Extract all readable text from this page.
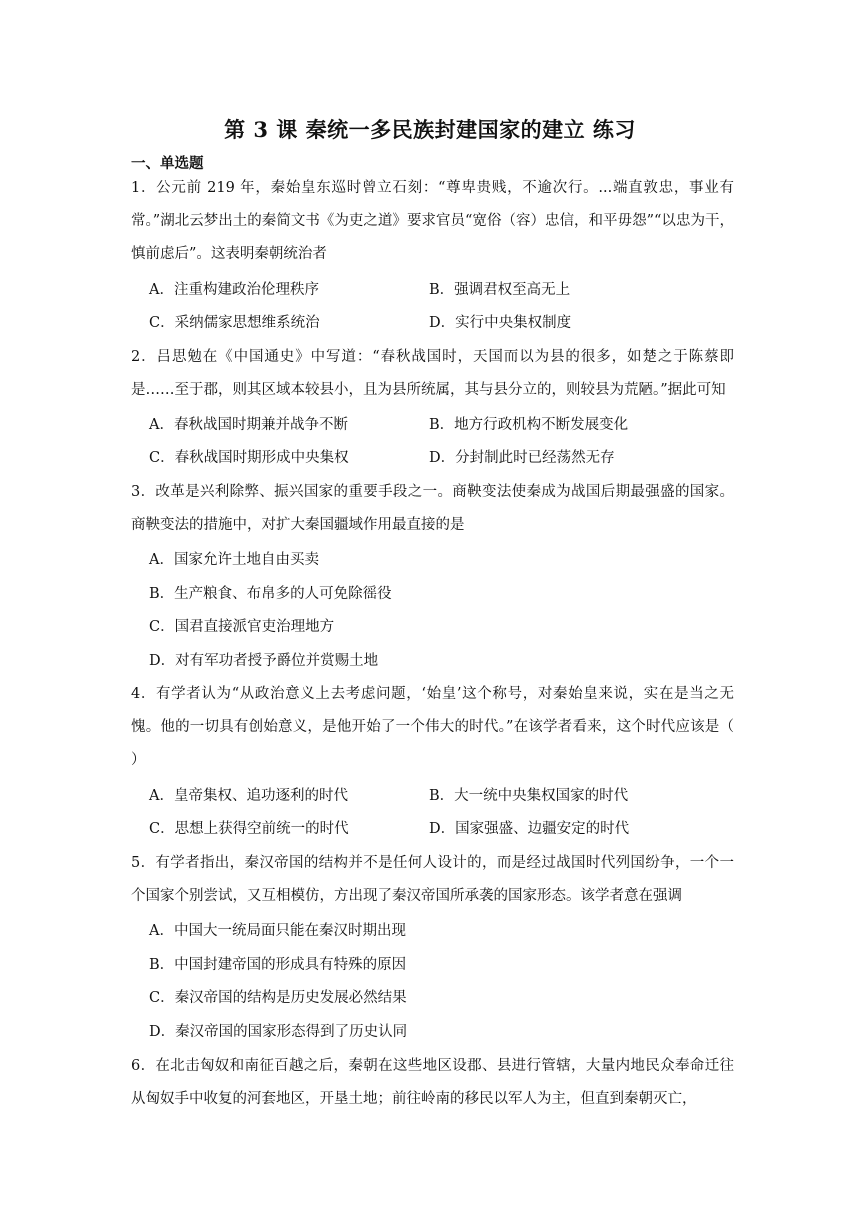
第 3 课 秦统一多民族封建国家的建立 练习
一、单选题
1．公元前 219 年，秦始皇东巡时曾立石刻：“尊卑贵贱，不逾次行。...端直敦忠，事业有常。”湖北云梦出土的秦简文书《为吏之道》要求官员“宽俗（容）忠信，和平毋怨”“以忠为干，慎前虑后”。这表明秦朝统治者
A．注重构建政治伦理秩序	B．强调君权至高无上
C．采纳儒家思想维系统治	D．实行中央集权制度
2．吕思勉在《中国通史》中写道：“春秋战国时，天国而以为县的很多，如楚之于陈蔡即是……至于郡，则其区域本较县小，且为县所统属，其与县分立的，则较县为荒陋。”据此可知
A．春秋战国时期兼并战争不断	B．地方行政机构不断发展变化
C．春秋战国时期形成中央集权	D．分封制此时已经荡然无存
3．改革是兴利除弊、振兴国家的重要手段之一。商鞅变法使秦成为战国后期最强盛的国家。商鞅变法的措施中，对扩大秦国疆域作用最直接的是
A．国家允许土地自由买卖
B．生产粮食、布帛多的人可免除徭役
C．国君直接派官吏治理地方
D．对有军功者授予爵位并赏赐土地
4．有学者认为“从政治意义上去考虑问题，‘始皇’这个称号，对秦始皇来说，实在是当之无愧。他的一切具有创始意义，是他开始了一个伟大的时代。”在该学者看来，这个时代应该是（ ）
A．皇帝集权、追功逐利的时代	B．大一统中央集权国家的时代
C．思想上获得空前统一的时代	D．国家强盛、边疆安定的时代
5．有学者指出，秦汉帝国的结构并不是任何人设计的，而是经过战国时代列国纷争，一个一个国家个别尝试，又互相模仿，方出现了秦汉帝国所承袭的国家形态。该学者意在强调
A．中国大一统局面只能在秦汉时期出现
B．中国封建帝国的形成具有特殊的原因
C．秦汉帝国的结构是历史发展必然结果
D．秦汉帝国的国家形态得到了历史认同
6．在北击匈奴和南征百越之后，秦朝在这些地区设郡、县进行管辖，大量内地民众奉命迁往从匈奴手中收复的河套地区，开垦土地；前往岭南的移民以军人为主，但直到秦朝灭亡，
